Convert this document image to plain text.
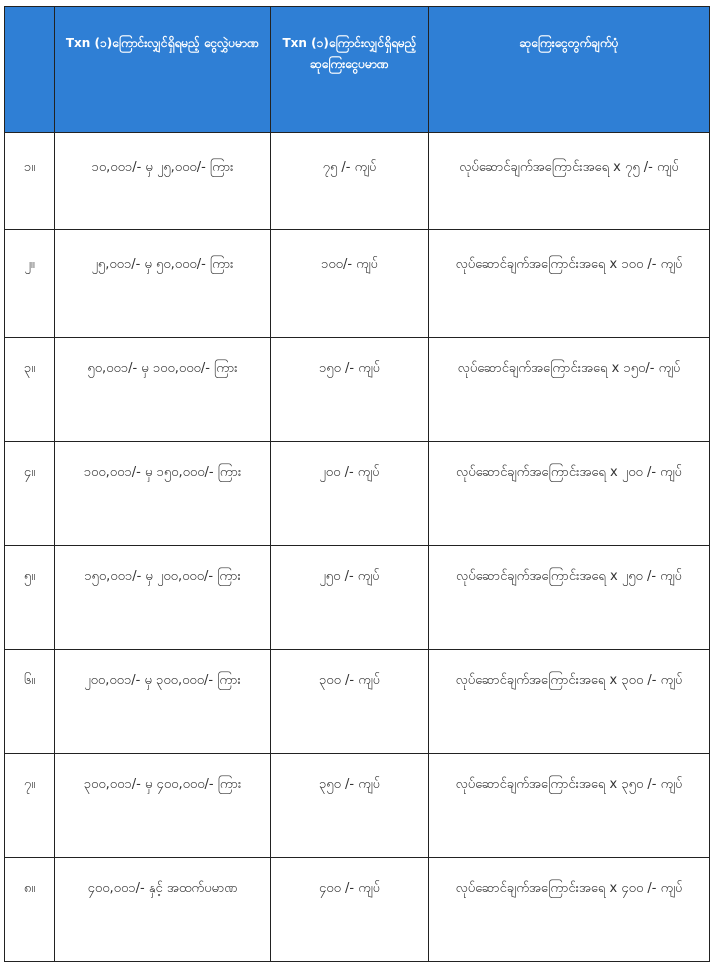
	Txn (၁)ကြောင်းလျှင်ရှိရမည့် ငွေလွှဲပမာဏ	Txn (၁)ကြောင်းလျှင်ရှိရမည့် ဆုကြေးငွေပမာဏ	ဆုကြေးငွေတွက်ချက်ပုံ
၁။	၁၀,၀၀၁/- မှ ၂၅,၀၀၀/- ကြား	၇၅ /- ကျပ်	လုပ်ဆောင်ချက်အကြောင်းအရေ x ၇၅ /- ကျပ်
၂။	၂၅,၀၀၁/- မှ ၅၀,၀၀၀/- ကြား	၁၀၀/- ကျပ်	လုပ်ဆောင်ချက်အကြောင်းအရေ x ၁၀၀ /- ကျပ်
၃။	၅၀,၀၀၁/- မှ ၁၀၀,၀၀၀/- ကြား	၁၅၀ /- ကျပ်	လုပ်ဆောင်ချက်အကြောင်းအရေ x ၁၅၀/- ကျပ်
၄။	၁၀၀,၀၀၁/- မှ ၁၅၀,၀၀၀/- ကြား	၂၀၀ /- ကျပ်	လုပ်ဆောင်ချက်အကြောင်းအရေ x ၂၀၀ /- ကျပ်
၅။	၁၅၀,၀၀၁/- မှ ၂၀၀,၀၀၀/- ကြား	၂၅၀ /- ကျပ်	လုပ်ဆောင်ချက်အကြောင်းအရေ x ၂၅၀ /- ကျပ်
၆။	၂၀၀,၀၀၁/- မှ ၃၀၀,၀၀၀/- ကြား	၃၀၀ /- ကျပ်	လုပ်ဆောင်ချက်အကြောင်းအရေ x ၃၀၀ /- ကျပ်
၇။	၃၀၀,၀၀၁/- မှ ၄၀၀,၀၀၀/- ကြား	၃၅၀ /- ကျပ်	လုပ်ဆောင်ချက်အကြောင်းအရေ x ၃၅၀ /- ကျပ်
၈။	၄၀၀,၀၀၁/- နှင့် အထက်ပမာဏ	၄၀၀ /- ကျပ်	လုပ်ဆောင်ချက်အကြောင်းအရေ x ၄၀၀ /- ကျပ်
